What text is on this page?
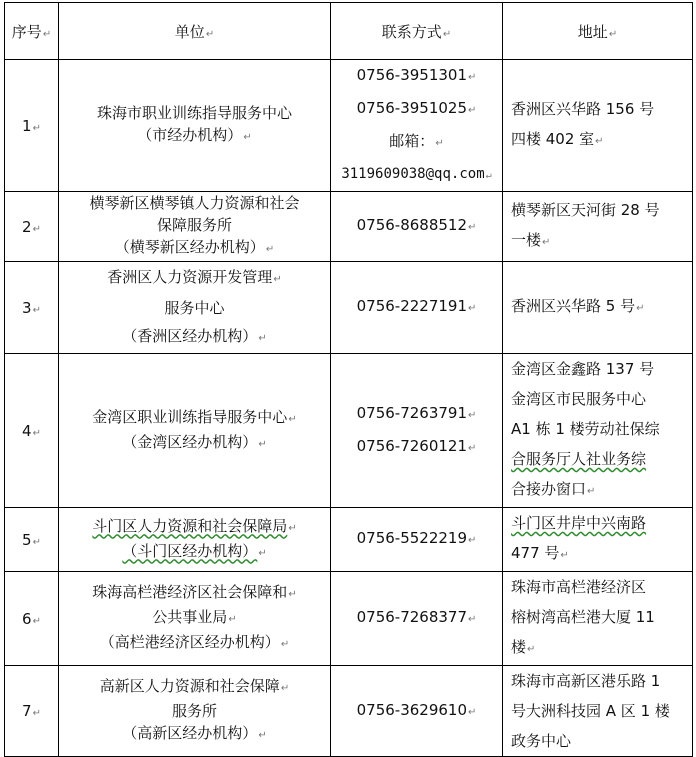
序号↵	单位↵	联系方式↵	地址↵
1↵	珠海市职业训练指导服务中心
（市经办机构）↵	0756-3951301↵
0756-3951025↵
邮箱：↵
3119609038@qq.com↵	香洲区兴华路 156 号
四楼 402 室↵

2↵	横琴新区横琴镇人力资源和社会
保障服务所
（横琴新区经办机构）↵	0756-8688512↵	横琴新区天河街 28 号
一楼↵

3↵	香洲区人力资源开发管理↵
服务中心
（香洲区经办机构）↵	0756-2227191↵	香洲区兴华路 5 号↵

4↵	金湾区职业训练指导服务中心↵
（金湾区经办机构）↵	0756-7263791↵
0756-7260121↵	金湾区金鑫路 137 号
金湾区市民服务中心
A1 栋 1 楼劳动社保综
合服务厅人社业务综
合接办窗口↵

5↵	斗门区人力资源和社会保障局↵
（斗门区经办机构）↵	0756-5522219↵	斗门区井岸中兴南路
477 号↵

6↵	珠海高栏港经济区社会保障和↵
公共事业局↵
（高栏港经济区经办机构）↵	0756-7268377↵	珠海市高栏港经济区
榕树湾高栏港大厦 11
楼↵

7↵	高新区人力资源和社会保障↵
服务所
（高新区经办机构）↵	0756-3629610↵	珠海市高新区港乐路 1
号大洲科技园 A 区 1 楼
政务中心
